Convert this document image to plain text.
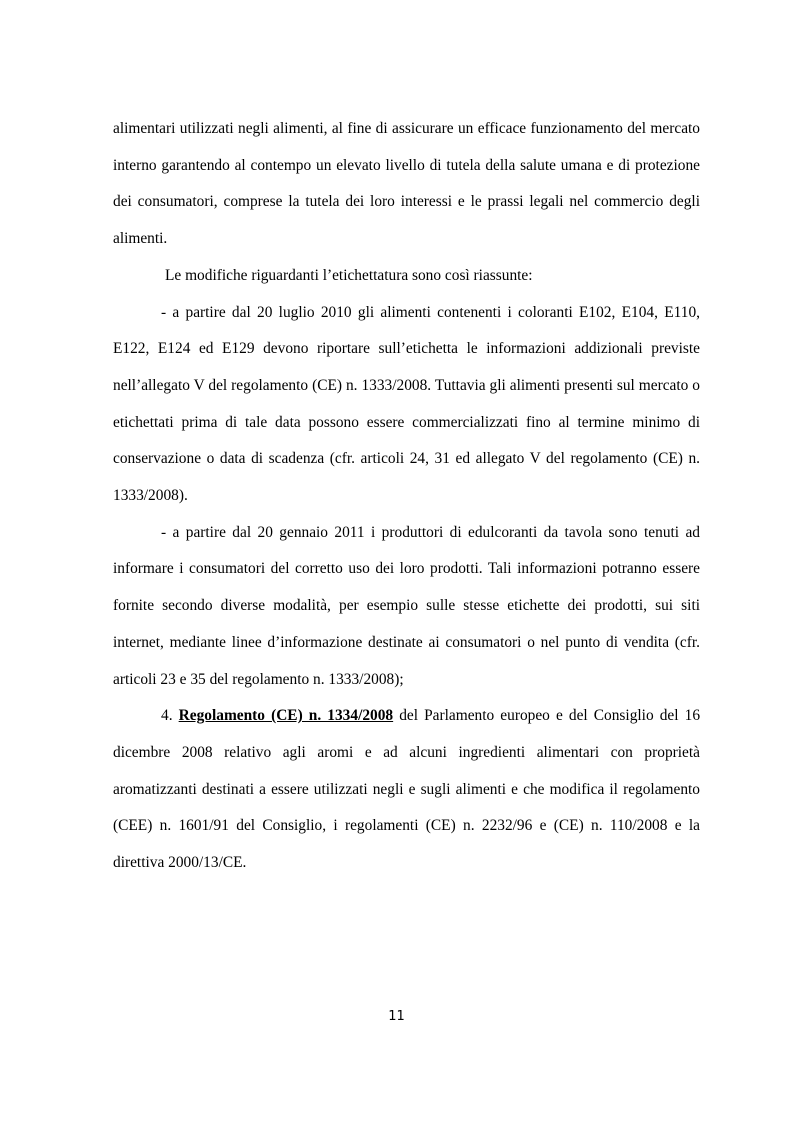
alimentari utilizzati negli alimenti, al fine di assicurare un efficace funzionamento del mercato interno garantendo al contempo un elevato livello di tutela della salute umana e di protezione dei consumatori, comprese la tutela dei loro interessi e le prassi legali nel commercio degli alimenti.

Le modifiche riguardanti l’etichettatura sono così riassunte:

- a partire dal 20 luglio 2010 gli alimenti contenenti i coloranti E102, E104, E110, E122, E124 ed E129 devono riportare sull’etichetta le informazioni addizionali previste nell’allegato V del regolamento (CE) n. 1333/2008. Tuttavia gli alimenti presenti sul mercato o etichettati prima di tale data possono essere commercializzati fino al termine minimo di conservazione o data di scadenza (cfr. articoli 24, 31 ed allegato V del regolamento (CE) n. 1333/2008).

- a partire dal 20 gennaio 2011 i produttori di edulcoranti da tavola sono tenuti ad informare i consumatori del corretto uso dei loro prodotti. Tali informazioni potranno essere fornite secondo diverse modalità, per esempio sulle stesse etichette dei prodotti, sui siti internet, mediante linee d’informazione destinate ai consumatori o nel punto di vendita (cfr. articoli 23 e 35 del regolamento n. 1333/2008);

4. Regolamento (CE) n. 1334/2008 del Parlamento europeo e del Consiglio del 16 dicembre 2008 relativo agli aromi e ad alcuni ingredienti alimentari con proprietà aromatizzanti destinati a essere utilizzati negli e sugli alimenti e che modifica il regolamento (CEE) n. 1601/91 del Consiglio, i regolamenti (CE) n. 2232/96 e (CE) n. 110/2008 e la direttiva 2000/13/CE.

11
